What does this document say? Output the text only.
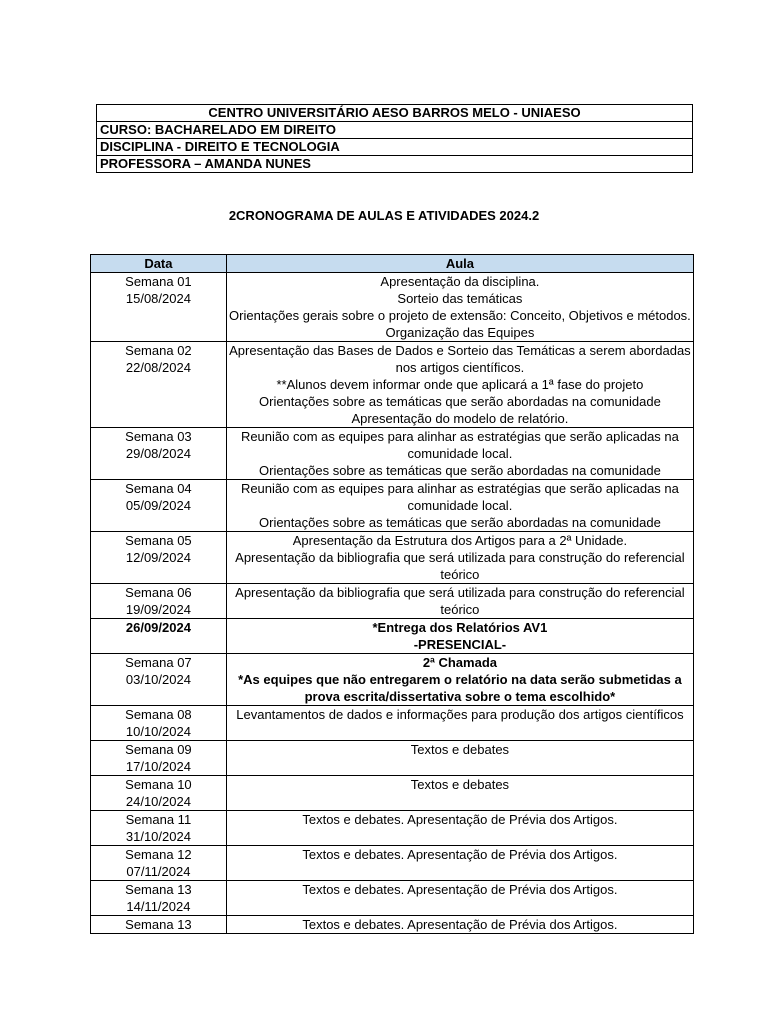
CENTRO UNIVERSITÁRIO AESO BARROS MELO - UNIAESO
CURSO: BACHARELADO EM DIREITO
DISCIPLINA - DIREITO E TECNOLOGIA
PROFESSORA – AMANDA NUNES
2CRONOGRAMA DE AULAS E ATIVIDADES 2024.2
Data	Aula

Semana 01
15/08/2024	Apresentação da disciplina.
Sorteio das temáticas
Orientações gerais sobre o projeto de extensão: Conceito, Objetivos e métodos.
Organização das Equipes

Semana 02
22/08/2024	Apresentação das Bases de Dados e Sorteio das Temáticas a serem abordadas
nos artigos científicos.
**Alunos devem informar onde que aplicará a 1ª fase do projeto
Orientações sobre as temáticas que serão abordadas na comunidade
Apresentação do modelo de relatório.

Semana 03
29/08/2024	Reunião com as equipes para alinhar as estratégias que serão aplicadas na
comunidade local.
Orientações sobre as temáticas que serão abordadas na comunidade

Semana 04
05/09/2024	Reunião com as equipes para alinhar as estratégias que serão aplicadas na
comunidade local.
Orientações sobre as temáticas que serão abordadas na comunidade

Semana 05
12/09/2024	Apresentação da Estrutura dos Artigos para a 2ª Unidade.
Apresentação da bibliografia que será utilizada para construção do referencial
teórico

Semana 06
19/09/2024	Apresentação da bibliografia que será utilizada para construção do referencial
teórico

26/09/2024	*Entrega dos Relatórios AV1
-PRESENCIAL-

Semana 07
03/10/2024	2ª Chamada
*As equipes que não entregarem o relatório na data serão submetidas a
prova escrita/dissertativa sobre o tema escolhido*

Semana 08
10/10/2024	Levantamentos de dados e informações para produção dos artigos científicos

Semana 09
17/10/2024	Textos e debates

Semana 10
24/10/2024	Textos e debates

Semana 11
31/10/2024	Textos e debates. Apresentação de Prévia dos Artigos.

Semana 12
07/11/2024	Textos e debates. Apresentação de Prévia dos Artigos.

Semana 13
14/11/2024	Textos e debates. Apresentação de Prévia dos Artigos.

Semana 13	Textos e debates. Apresentação de Prévia dos Artigos.
